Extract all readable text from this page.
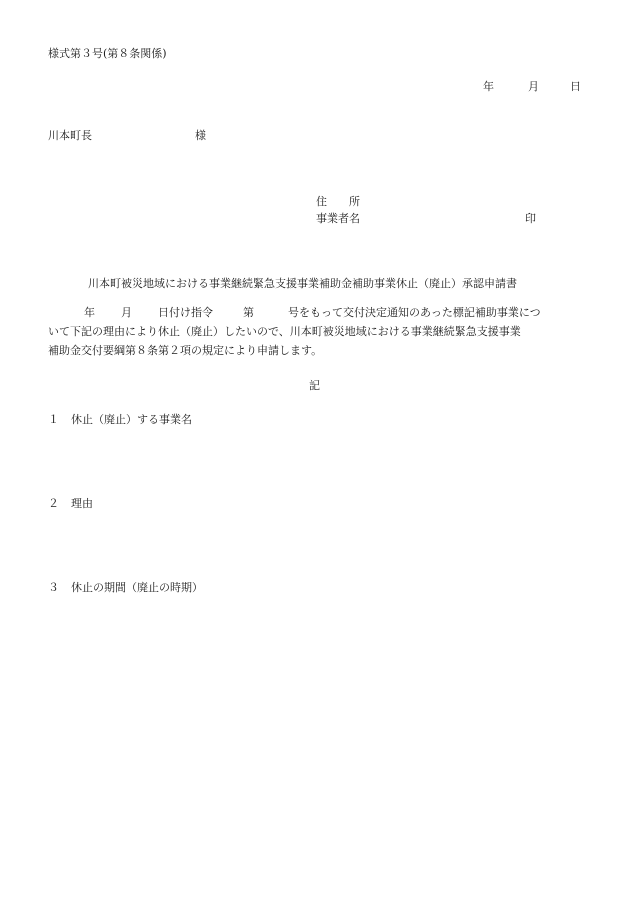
様式第３号(第８条関係)
年	月	日
川本町長	様
住　　所
事業者名	印
川本町被災地域における事業継続緊急支援事業補助金補助事業休止（廃止）承認申請書
年 月 日付け指令	第	号をもって交付決定通知のあった標記補助事業につ
いて下記の理由により休止（廃止）したいので、川本町被災地域における事業継続緊急支援事業
補助金交付要綱第８条第２項の規定により申請します。
記
１ 休止（廃止）する事業名
２ 理由
３ 休止の期間（廃止の時期）
